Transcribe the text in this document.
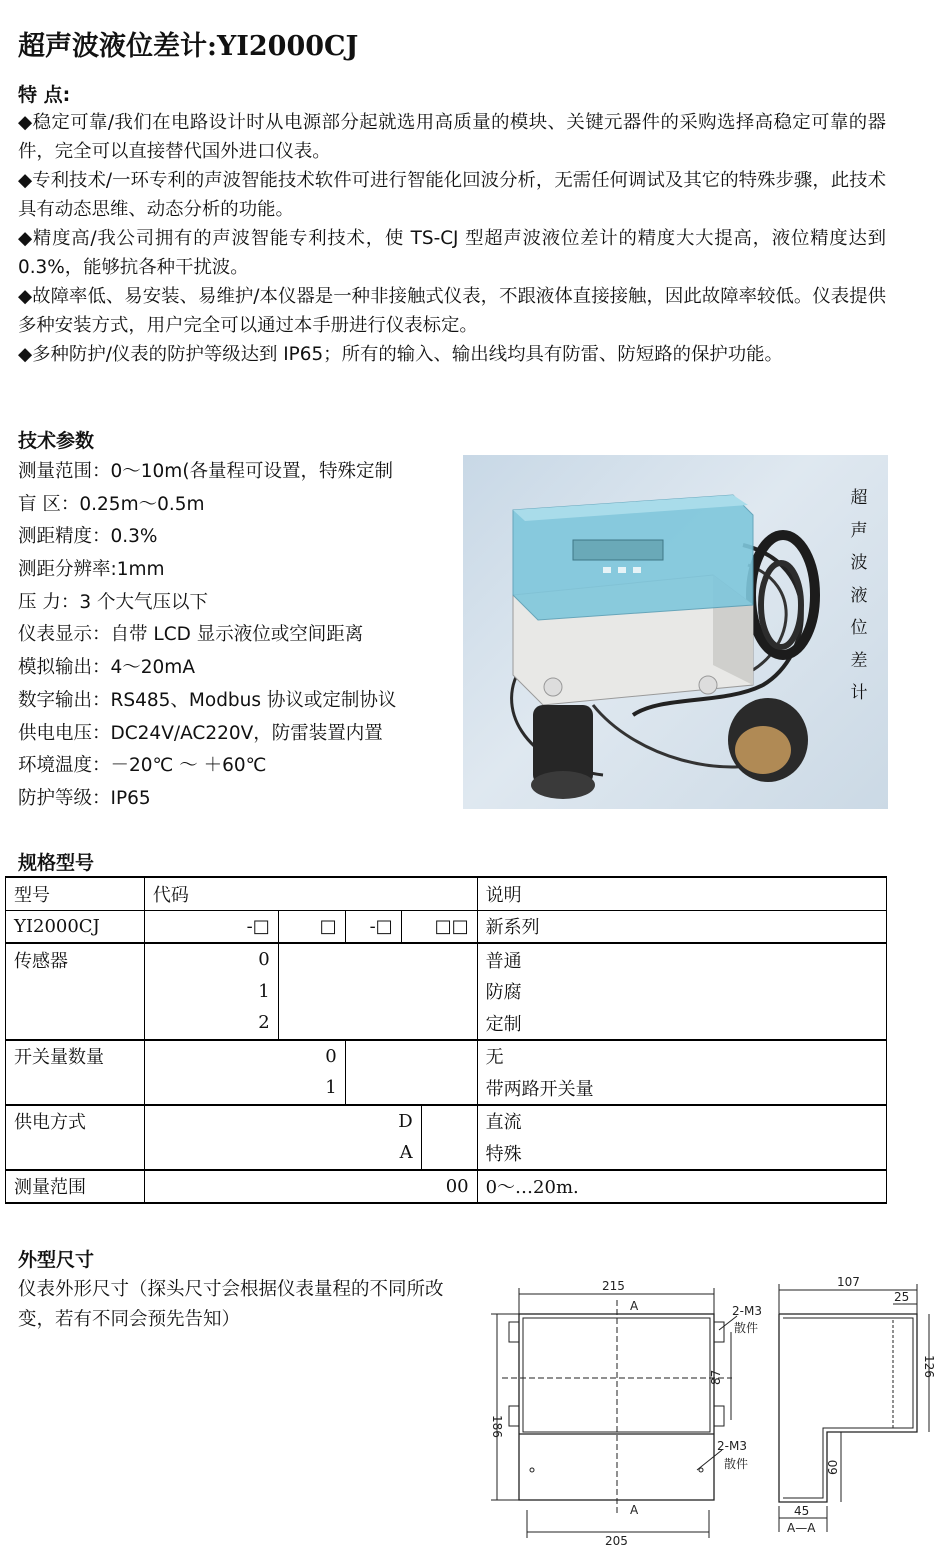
超声波液位差计:YI2000CJ
特 点:

◆稳定可靠/我们在电路设计时从电源部分起就选用高质量的模块、关键元器件的采购选择高稳定可靠的器件，完全可以直接替代国外进口仪表。

◆专利技术/一环专利的声波智能技术软件可进行智能化回波分析，无需任何调试及其它的特殊步骤，此技术具有动态思维、动态分析的功能。

◆精度高/我公司拥有的声波智能专利技术，使 TS-CJ 型超声波液位差计的精度大大提高，液位精度达到 0.3%，能够抗各种干扰波。

◆故障率低、易安装、易维护/本仪器是一种非接触式仪表，不跟液体直接接触，因此故障率较低。仪表提供多种安装方式，用户完全可以通过本手册进行仪表标定。

◆多种防护/仪表的防护等级达到 IP65；所有的输入、输出线均具有防雷、防短路的保护功能。

技术参数
测量范围：0～10m(各量程可设置，特殊定制
盲 区：0.25m～0.5m
测距精度：0.3%
测距分辨率:1mm
压 力：3 个大气压以下
仪表显示：自带 LCD 显示液位或空间距离
模拟输出：4～20mA
数字输出：RS485、Modbus 协议或定制协议
供电电压：DC24V/AC220V，防雷装置内置
环境温度：－20℃ ～ ＋60℃
防护等级：IP65
超
声
波
液
位
差
计
规格型号
型号	代码					说明
YI2000CJ	-□	□	-□	□□		新系列
传感器	0					普通
	1					防腐
	2					定制
开关量数量	0					无
	1					带两路开关量
供电方式	D					直流
	A					特殊
测量范围	00					0～…20m.
外型尺寸
仪表外形尺寸（探头尺寸会根据仪表量程的不同所改变，若有不同会预先告知）
215
205
186
87
A
A
2-M3
散件
2-M3
散件
107
25
126
60
45
A—A
